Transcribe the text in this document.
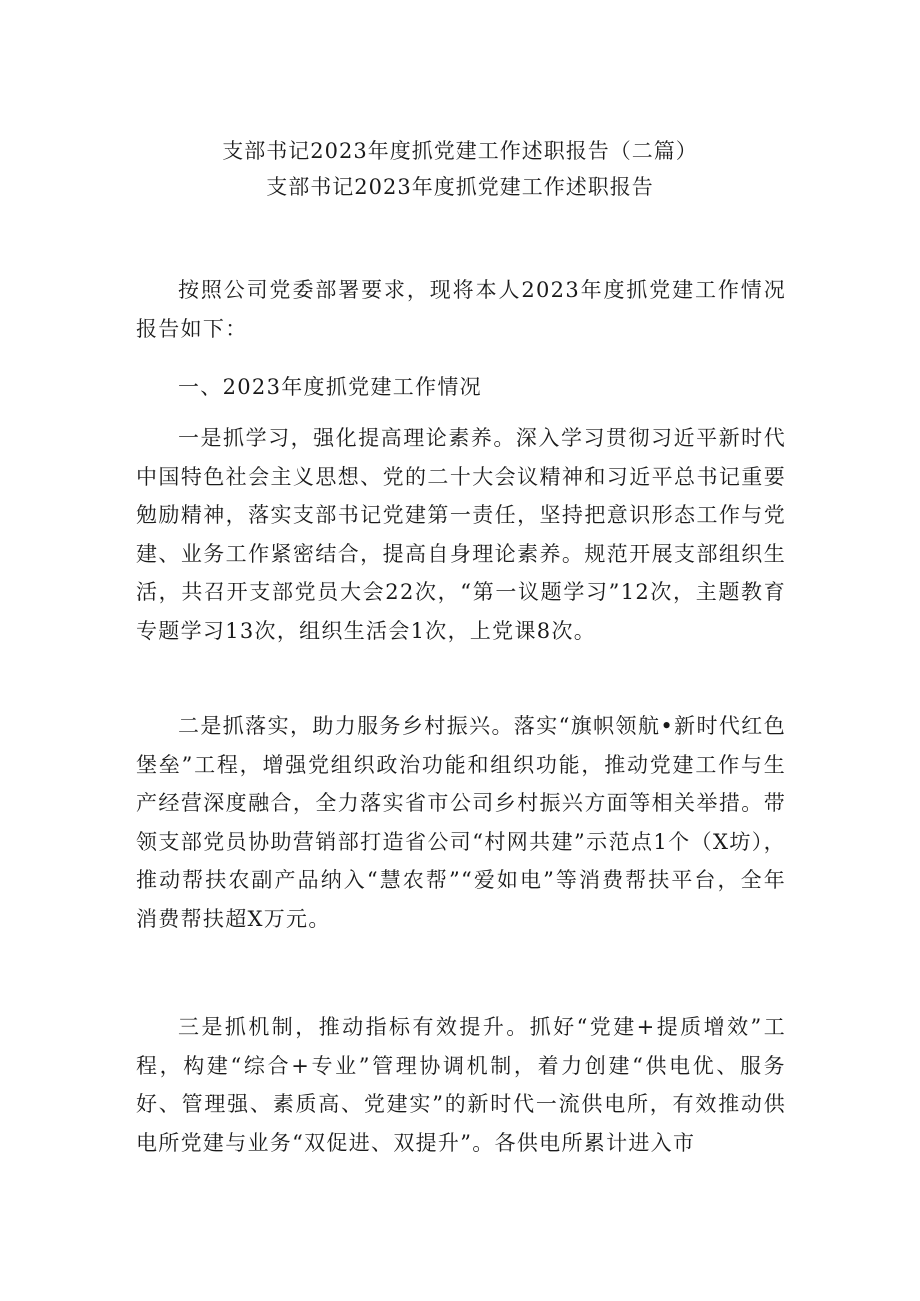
支部书记2023年度抓党建工作述职报告（二篇）
支部书记2023年度抓党建工作述职报告

按照公司党委部署要求，现将本人2023年度抓党建工作情况报告如下：

一、2023年度抓党建工作情况

一是抓学习，强化提高理论素养。深入学习贯彻习近平新时代中国特色社会主义思想、党的二十大会议精神和习近平总书记重要勉励精神，落实支部书记党建第一责任，坚持把意识形态工作与党建、业务工作紧密结合，提高自身理论素养。规范开展支部组织生活，共召开支部党员大会22次，“第一议题学习”12次，主题教育专题学习13次，组织生活会1次，上党课8次。

二是抓落实，助力服务乡村振兴。落实“旗帜领航•新时代红色堡垒”工程，增强党组织政治功能和组织功能，推动党建工作与生产经营深度融合，全力落实省市公司乡村振兴方面等相关举措。带领支部党员协助营销部打造省公司“村网共建”示范点1个（X坊），推动帮扶农副产品纳入“慧农帮”“爱如电”等消费帮扶平台，全年消费帮扶超X万元。

三是抓机制，推动指标有效提升。抓好“党建+提质增效”工程，构建“综合+专业”管理协调机制，着力创建“供电优、服务好、管理强、素质高、党建实”的新时代一流供电所，有效推动供电所党建与业务“双促进、双提升”。各供电所累计进入市
